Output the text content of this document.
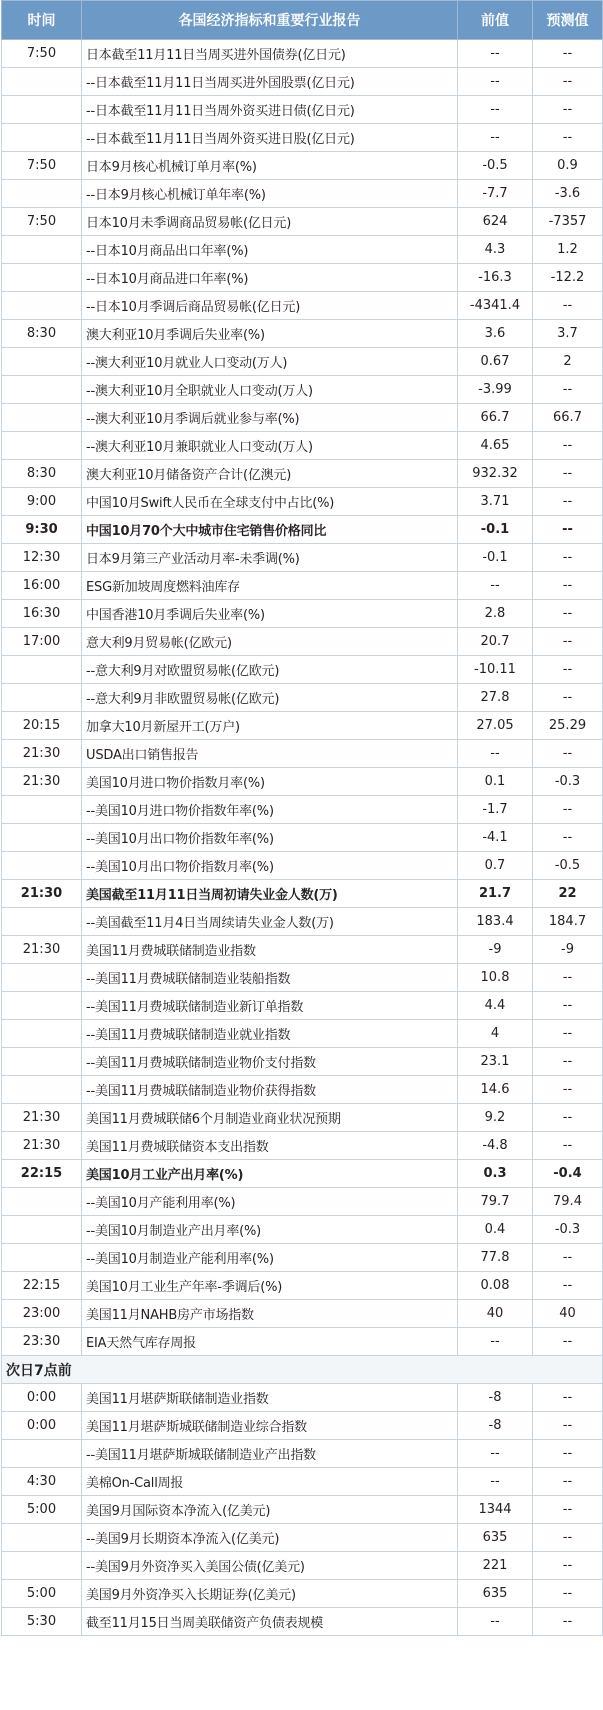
时间	各国经济指标和重要行业报告	前值	预测值
7:50	日本截至11月11日当周买进外国债券(亿日元)	--	--
	--日本截至11月11日当周买进外国股票(亿日元)	--	--
	--日本截至11月11日当周外资买进日债(亿日元)	--	--
	--日本截至11月11日当周外资买进日股(亿日元)	--	--
7:50	日本9月核心机械订单月率(%)	-0.5	0.9
	--日本9月核心机械订单年率(%)	-7.7	-3.6
7:50	日本10月未季调商品贸易帐(亿日元)	624	-7357
	--日本10月商品出口年率(%)	4.3	1.2
	--日本10月商品进口年率(%)	-16.3	-12.2
	--日本10月季调后商品贸易帐(亿日元)	-4341.4	--
8:30	澳大利亚10月季调后失业率(%)	3.6	3.7
	--澳大利亚10月就业人口变动(万人)	0.67	2
	--澳大利亚10月全职就业人口变动(万人)	-3.99	--
	--澳大利亚10月季调后就业参与率(%)	66.7	66.7
	--澳大利亚10月兼职就业人口变动(万人)	4.65	--
8:30	澳大利亚10月储备资产合计(亿澳元)	932.32	--
9:00	中国10月Swift人民币在全球支付中占比(%)	3.71	--
9:30	中国10月70个大中城市住宅销售价格同比	-0.1	--
12:30	日本9月第三产业活动月率-未季调(%)	-0.1	--
16:00	ESG新加坡周度燃料油库存	--	--
16:30	中国香港10月季调后失业率(%)	2.8	--
17:00	意大利9月贸易帐(亿欧元)	20.7	--
	--意大利9月对欧盟贸易帐(亿欧元)	-10.11	--
	--意大利9月非欧盟贸易帐(亿欧元)	27.8	--
20:15	加拿大10月新屋开工(万户)	27.05	25.29
21:30	USDA出口销售报告	--	--
21:30	美国10月进口物价指数月率(%)	0.1	-0.3
	--美国10月进口物价指数年率(%)	-1.7	--
	--美国10月出口物价指数年率(%)	-4.1	--
	--美国10月出口物价指数月率(%)	0.7	-0.5
21:30	美国截至11月11日当周初请失业金人数(万)	21.7	22
	--美国截至11月4日当周续请失业金人数(万)	183.4	184.7
21:30	美国11月费城联储制造业指数	-9	-9
	--美国11月费城联储制造业装船指数	10.8	--
	--美国11月费城联储制造业新订单指数	4.4	--
	--美国11月费城联储制造业就业指数	4	--
	--美国11月费城联储制造业物价支付指数	23.1	--
	--美国11月费城联储制造业物价获得指数	14.6	--
21:30	美国11月费城联储6个月制造业商业状况预期	9.2	--
21:30	美国11月费城联储资本支出指数	-4.8	--
22:15	美国10月工业产出月率(%)	0.3	-0.4
	--美国10月产能利用率(%)	79.7	79.4
	--美国10月制造业产出月率(%)	0.4	-0.3
	--美国10月制造业产能利用率(%)	77.8	--
22:15	美国10月工业生产年率-季调后(%)	0.08	--
23:00	美国11月NAHB房产市场指数	40	40
23:30	EIA天然气库存周报	--	--
次日7点前			
0:00	美国11月堪萨斯联储制造业指数	-8	--
0:00	美国11月堪萨斯城联储制造业综合指数	-8	--
	--美国11月堪萨斯城联储制造业产出指数	--	--
4:30	美棉On-Call周报	--	--
5:00	美国9月国际资本净流入(亿美元)	1344	--
	--美国9月长期资本净流入(亿美元)	635	--
	--美国9月外资净买入美国公债(亿美元)	221	--
5:00	美国9月外资净买入长期证券(亿美元)	635	--
5:30	截至11月15日当周美联储资产负债表规模	--	--
